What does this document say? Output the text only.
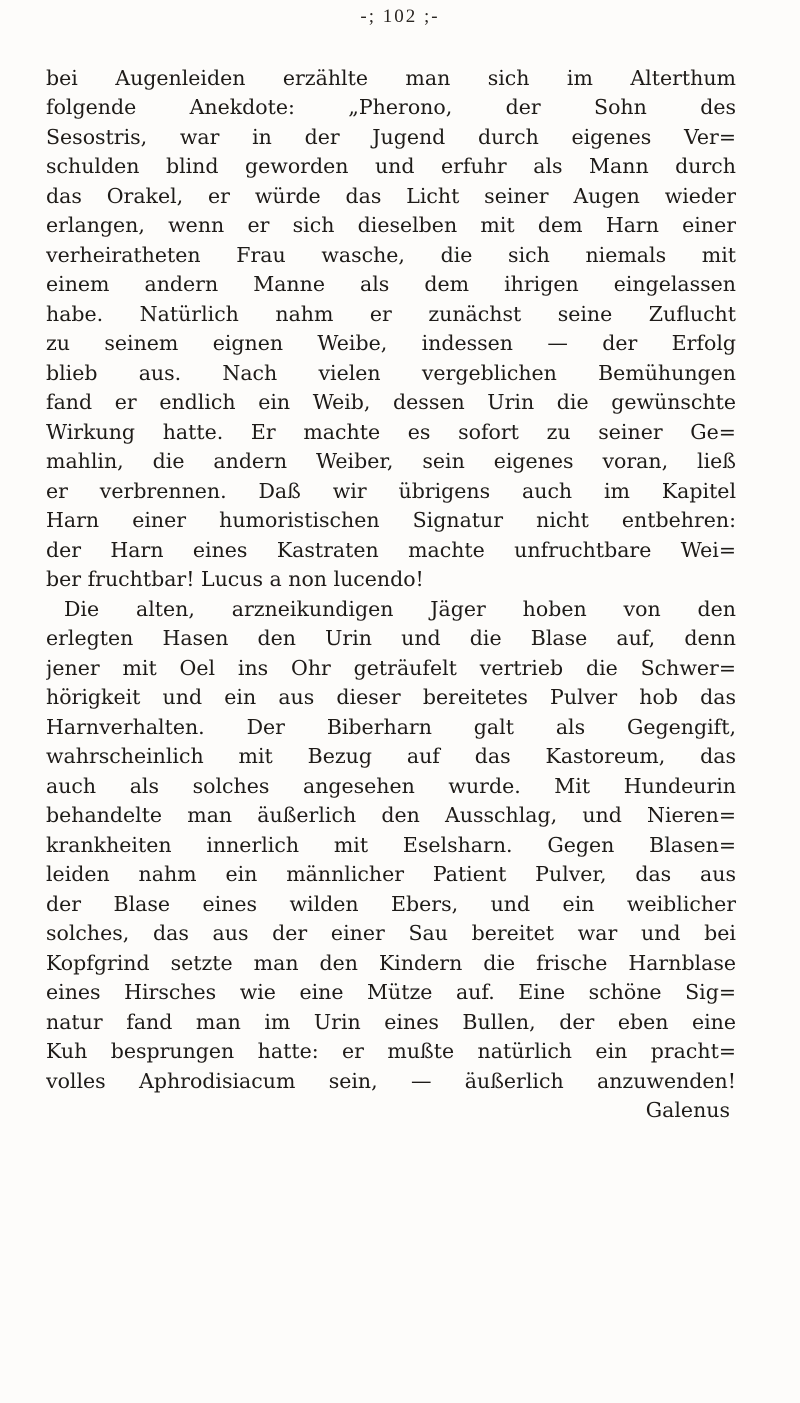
-; 102 ;-
bei Augenleiden erzählte man sich im Alterthum
folgende Anekdote: „Pherono, der Sohn des
Sesostris, war in der Jugend durch eigenes Ver=
schulden blind geworden und erfuhr als Mann durch
das Orakel, er würde das Licht seiner Augen wieder
erlangen, wenn er sich dieselben mit dem Harn einer
verheiratheten Frau wasche, die sich niemals mit
einem andern Manne als dem ihrigen eingelassen
habe. Natürlich nahm er zunächst seine Zuflucht
zu seinem eignen Weibe, indessen — der Erfolg
blieb aus. Nach vielen vergeblichen Bemühungen
fand er endlich ein Weib, dessen Urin die gewünschte
Wirkung hatte. Er machte es sofort zu seiner Ge=
mahlin, die andern Weiber, sein eigenes voran, ließ
er verbrennen. Daß wir übrigens auch im Kapitel
Harn einer humoristischen Signatur nicht entbehren:
der Harn eines Kastraten machte unfruchtbare Wei=
ber fruchtbar! Lucus a non lucendo!
Die alten, arzneikundigen Jäger hoben von den
erlegten Hasen den Urin und die Blase auf, denn
jener mit Oel ins Ohr geträufelt vertrieb die Schwer=
hörigkeit und ein aus dieser bereitetes Pulver hob das
Harnverhalten. Der Biberharn galt als Gegengift,
wahrscheinlich mit Bezug auf das Kastoreum, das
auch als solches angesehen wurde. Mit Hundeurin
behandelte man äußerlich den Ausschlag, und Nieren=
krankheiten innerlich mit Eselsharn. Gegen Blasen=
leiden nahm ein männlicher Patient Pulver, das aus
der Blase eines wilden Ebers, und ein weiblicher
solches, das aus der einer Sau bereitet war und bei
Kopfgrind setzte man den Kindern die frische Harnblase
eines Hirsches wie eine Mütze auf. Eine schöne Sig=
natur fand man im Urin eines Bullen, der eben eine
Kuh besprungen hatte: er mußte natürlich ein pracht=
volles Aphrodisiacum sein, — äußerlich anzuwenden!
Galenus
